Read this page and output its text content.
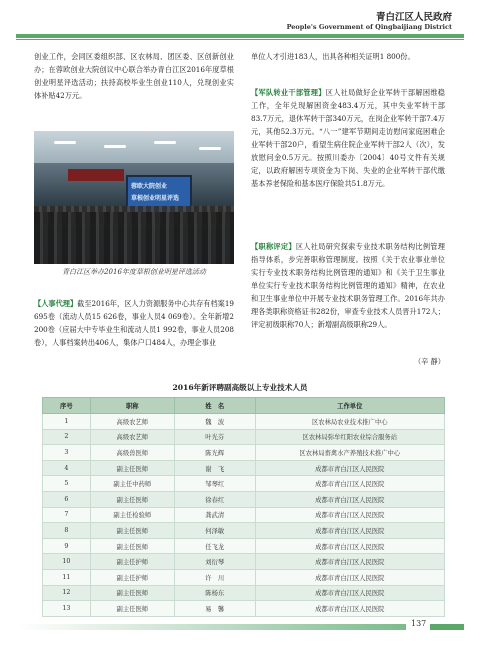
青白江区人民政府
People's Government of Qingbaijiang District

创业工作，会同区委组织部、区农林局、团区委、区创新创业办；在蓉欧创业大院创议中心联合举办青白江区2016年度草根创业明星评选活动；扶持高校毕业生创业110人，兑现创业实体补贴42万元。

蓉欧大院创业
草根创业明星评选
青白江区举办2016年度草根创业明星评选活动

【人事代理】截至2016年，区人力资源服务中心共存有档案19 695卷（流动人员15 626卷，事业人员4 069卷）。全年新增2 200卷（应届大中专毕业生和流动人员1 992卷，事业人员208卷），人事档案转出406人，集体户口484人，办理企事业

单位人才引进183人，出具各种相关证明1 800份。

【军队转业干部管理】区人社局做好企业军转干部解困维稳工作，全年兑现解困资金483.4万元，其中失业军转干部83.7万元，退休军转干部340万元，在岗企业军转干部7.4万元，其他52.3万元。“八一”建军节期间走访慰问家庭困难企业军转干部20户，看望生病住院企业军转干部2人（次），发放慰问金0.5万元。按照川委办〔2004〕40号文件有关规定，以政府解困专项资金为下岗、失业的企业军转干部代缴基本养老保险和基本医疗保险共51.8万元。

【职称评定】区人社局研究探索专业技术职务结构比例管理指导体系，步完善职称管理制度。按照《关于农业事业单位实行专业技术职务结构比例管理的通知》和《关于卫生事业单位实行专业技术职务结构比例管理的通知》精神，在农业和卫生事业单位中开展专业技术职务管理工作。2016年共办理各类职称资格证书282份，审查专业技术人员晋升172人；评定初级职称70人；新增副高级职称29人。

（辛 静）
2016年新评聘副高级以上专业技术人员
序号	职称	姓　名	工作单位
1	高级农艺师	魏　波	区农林局农业技术推广中心
2	高级农艺师	叶光芬	区农林局弥牟红阳农业综合服务站
3	高级兽医师	陈光辉	区农林局畜禽水产养殖技术推广中心
4	副主任医师	谢　飞	成都市青白江区人民医院
5	副主任中药师	邹琴红	成都市青白江区人民医院
6	副主任医师	徐春红	成都市青白江区人民医院
7	副主任检验师	龚武清	成都市青白江区人民医院
8	副主任医师	何泽敏	成都市青白江区人民医院
9	副主任医师	任飞龙	成都市青白江区人民医院
10	副主任护师	刘衍琴	成都市青白江区人民医院
11	副主任护师	许　川	成都市青白江区人民医院
12	副主任医师	陈杨东	成都市青白江区人民医院
13	副主任医师	易　馨	成都市青白江区人民医院
137
